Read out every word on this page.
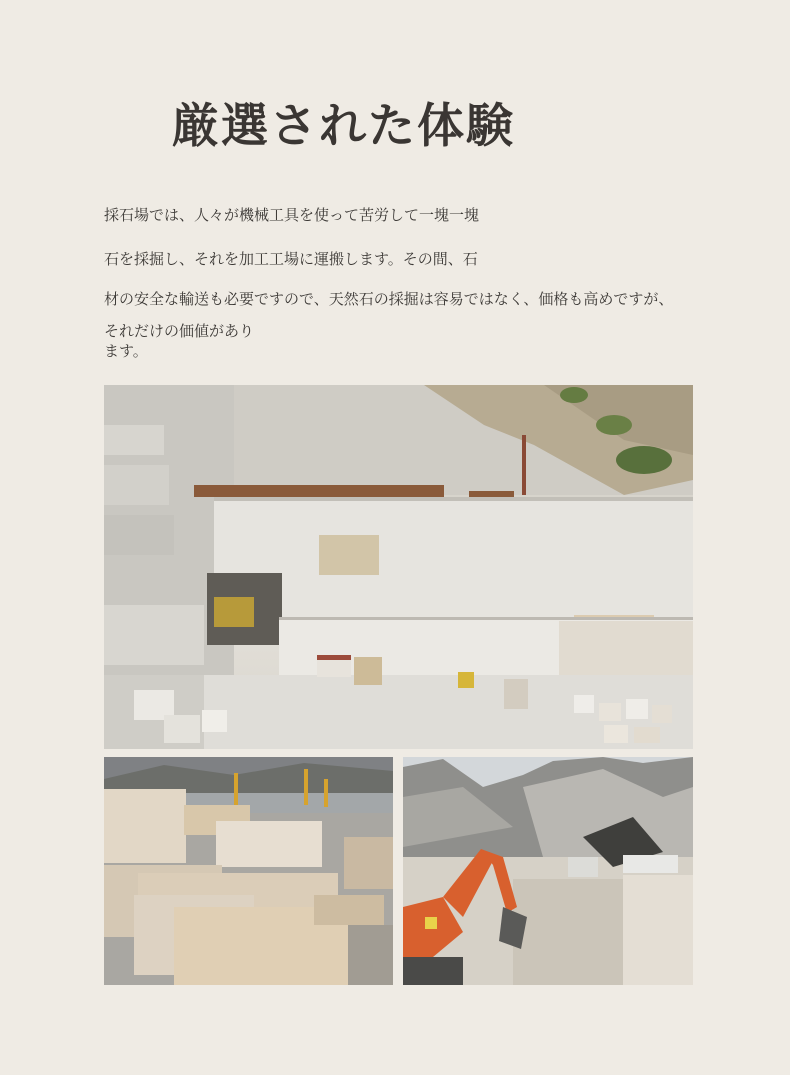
厳選された体験
採石場では、人々が機械工具を使って苦労して一塊一塊
石を採掘し、それを加工工場に運搬します。その間、石
材の安全な輸送も必要ですので、天然石の採掘は容易ではなく、価格も高めですが、
それだけの価値があり
ます。
